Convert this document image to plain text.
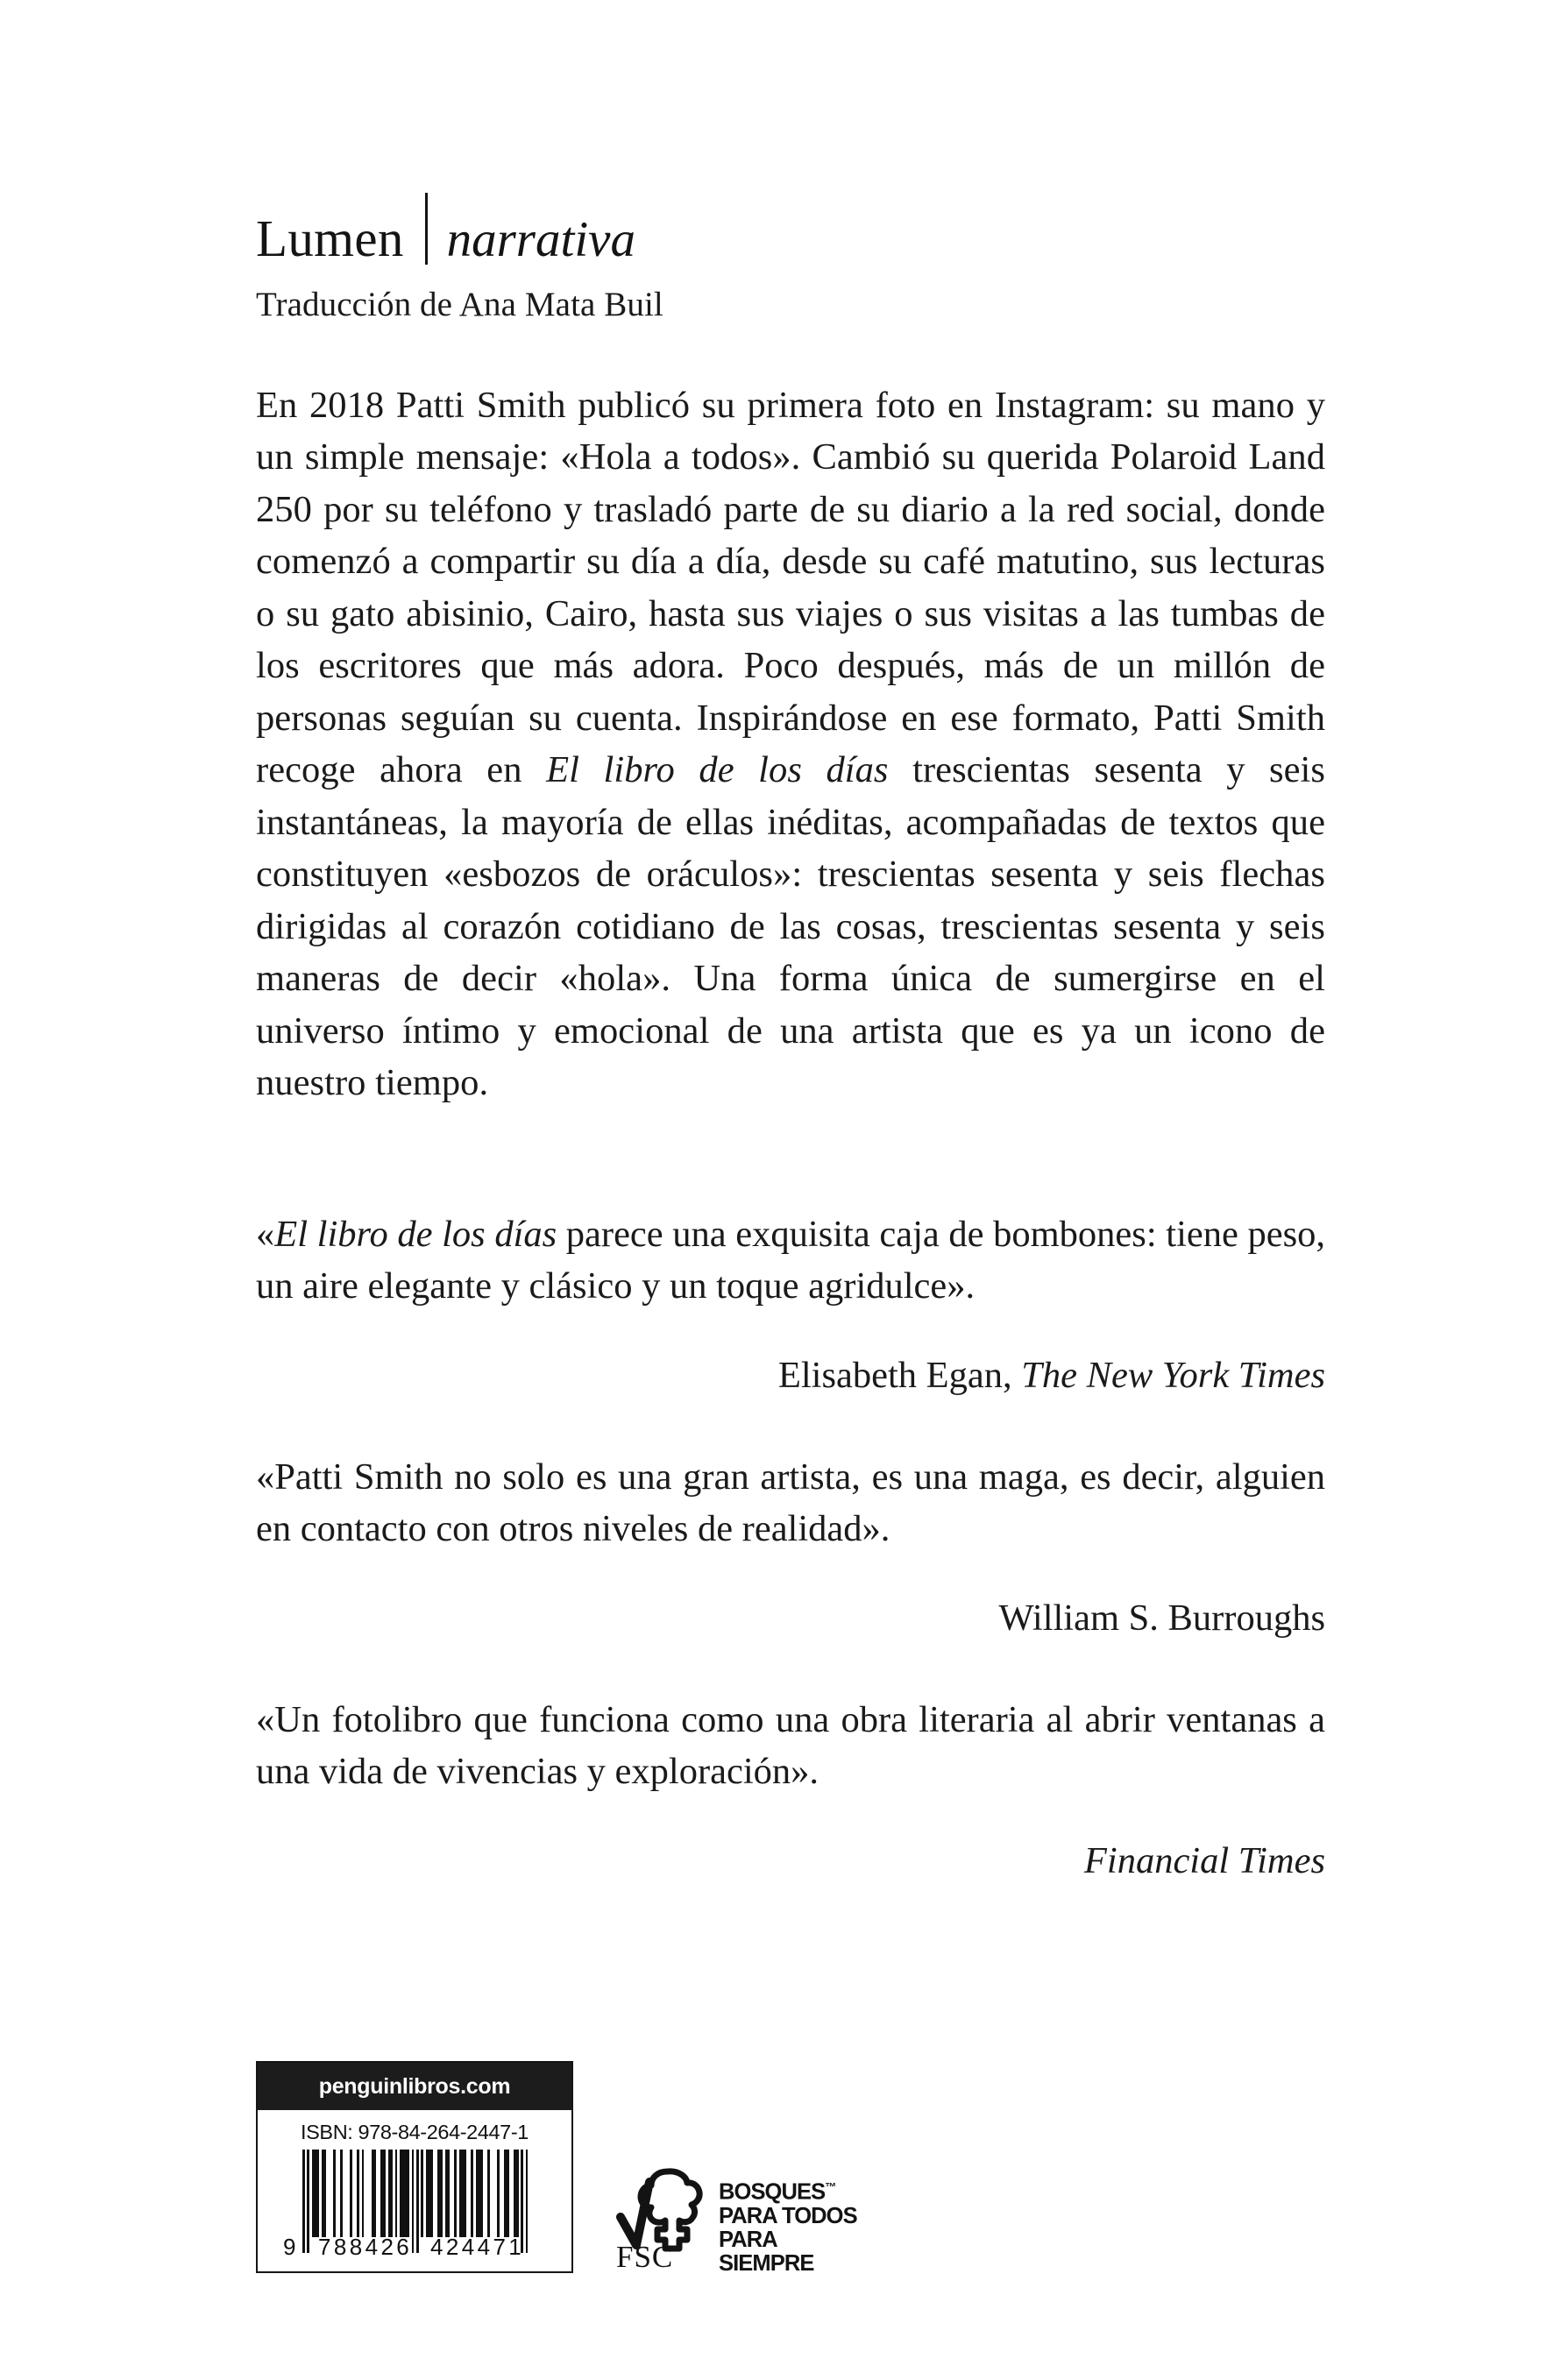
Lumen narrativa
Traducción de Ana Mata Buil

En 2018 Patti Smith publicó su primera foto en Instagram: su mano y un simple mensaje: «Hola a todos». Cambió su querida Polaroid Land 250 por su teléfono y trasladó parte de su diario a la red social, donde comenzó a compartir su día a día, desde su café matutino, sus lecturas o su gato abisinio, Cairo, hasta sus viajes o sus visitas a las tumbas de los escritores que más adora. Poco después, más de un millón de personas seguían su cuenta. Inspirándose en ese formato, Patti Smith recoge ahora en El libro de los días trescientas sesenta y seis instantáneas, la mayoría de ellas inéditas, acompañadas de textos que constituyen «esbozos de oráculos»: trescientas sesenta y seis flechas dirigidas al corazón cotidiano de las cosas, trescientas sesenta y seis maneras de decir «hola». Una forma única de sumergirse en el universo íntimo y emocional de una artista que es ya un icono de nuestro tiempo.

«El libro de los días parece una exquisita caja de bombones: tiene peso, un aire elegante y clásico y un toque agridulce».

Elisabeth Egan, The New York Times

«Patti Smith no solo es una gran artista, es una maga, es decir, alguien en contacto con otros niveles de realidad».

William S. Burroughs

«Un fotolibro que funciona como una obra literaria al abrir ventanas a una vida de vivencias y exploración».

Financial Times

penguinlibros.com
ISBN: 978-84-264-2447-1
9 788426 424471	FSC
BOSQUES™
PARA TODOS
PARA SIEMPRE
